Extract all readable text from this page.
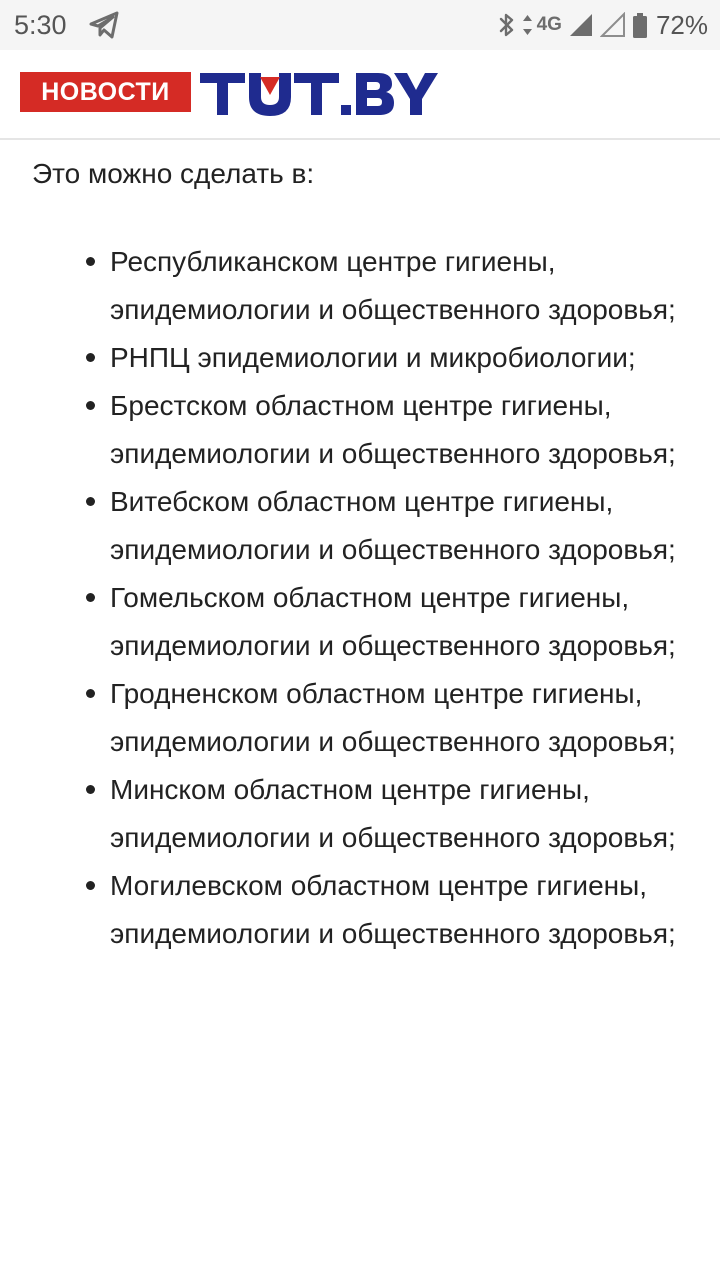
5:30	4G	72%
НОВОСТИ

Это можно сделать в:

Республиканском центре гигиены, эпидемиологии и общественного здоровья;
РНПЦ эпидемиологии и микробиологии;
Брестском областном центре гигиены, эпидемиологии и общественного здоровья;
Витебском областном центре гигиены, эпидемиологии и общественного здоровья;
Гомельском областном центре гигиены, эпидемиологии и общественного здоровья;
Гродненском областном центре гигиены, эпидемиологии и общественного здоровья;
Минском областном центре гигиены, эпидемиологии и общественного здоровья;
Могилевском областном центре гигиены, эпидемиологии и общественного здоровья;
